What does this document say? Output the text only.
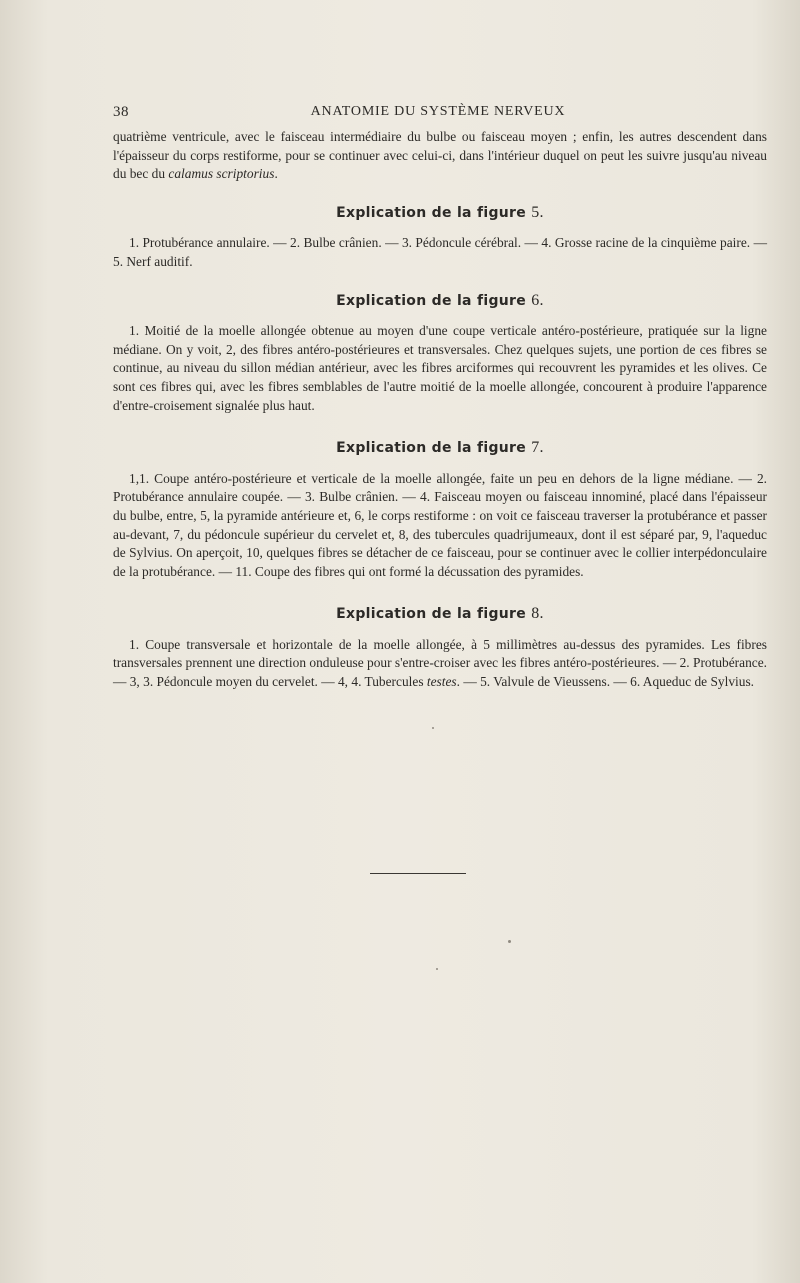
38	ANATOMIE DU SYSTÈME NERVEUX

quatrième ventricule, avec le faisceau intermédiaire du bulbe ou faisceau moyen ; enfin, les autres descendent dans l'épaisseur du corps restiforme, pour se continuer avec celui-ci, dans l'intérieur duquel on peut les suivre jusqu'au niveau du bec du calamus scriptorius.

Explication de la figure 5.

1. Protubérance annulaire. — 2. Bulbe crânien. — 3. Pédoncule cérébral. — 4. Grosse racine de la cinquième paire. — 5. Nerf auditif.

Explication de la figure 6.

1. Moitié de la moelle allongée obtenue au moyen d'une coupe verticale antéro-postérieure, pratiquée sur la ligne médiane. On y voit, 2, des fibres antéro-postérieures et transversales. Chez quelques sujets, une portion de ces fibres se continue, au niveau du sillon médian antérieur, avec les fibres arciformes qui recouvrent les pyramides et les olives. Ce sont ces fibres qui, avec les fibres semblables de l'autre moitié de la moelle allongée, concourent à produire l'apparence d'entre-croisement signalée plus haut.

Explication de la figure 7.

1,1. Coupe antéro-postérieure et verticale de la moelle allongée, faite un peu en dehors de la ligne médiane. — 2. Protubérance annulaire coupée. — 3. Bulbe crânien. — 4. Faisceau moyen ou faisceau innominé, placé dans l'épaisseur du bulbe, entre, 5, la pyramide antérieure et, 6, le corps restiforme : on voit ce faisceau traverser la protubérance et passer au-devant, 7, du pédoncule supérieur du cervelet et, 8, des tubercules quadrijumeaux, dont il est séparé par, 9, l'aqueduc de Sylvius. On aperçoit, 10, quelques fibres se détacher de ce faisceau, pour se continuer avec le collier interpédonculaire de la protubérance. — 11. Coupe des fibres qui ont formé la décussation des pyramides.

Explication de la figure 8.

1. Coupe transversale et horizontale de la moelle allongée, à 5 millimètres au-dessus des pyramides. Les fibres transversales prennent une direction onduleuse pour s'entre-croiser avec les fibres antéro-postérieures. — 2. Protubérance. — 3, 3. Pédoncule moyen du cervelet. — 4, 4. Tubercules testes. — 5. Valvule de Vieussens. — 6. Aqueduc de Sylvius.
